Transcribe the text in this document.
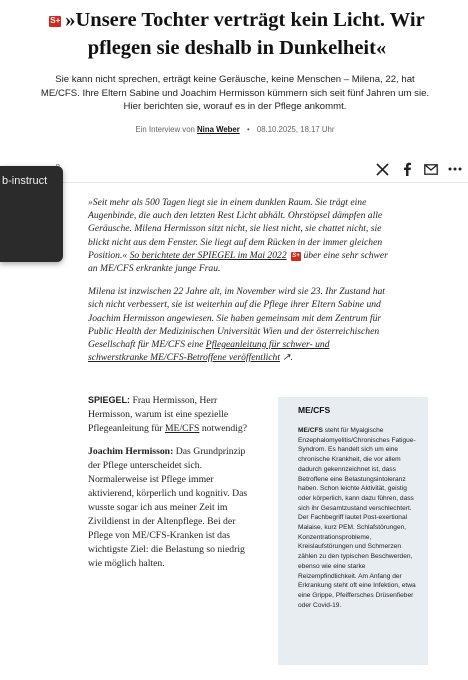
S+ »Unsere Tochter verträgt kein Licht. Wir pflegen sie deshalb in Dunkelheit«

Sie kann nicht sprechen, erträgt keine Geräusche, keine Menschen – Milena, 22, hat ME/CFS. Ihre Eltern Sabine und Joachim Hermisson kümmern sich seit fünf Jahren um sie. Hier berichten sie, worauf es in der Pflege ankommt.

Ein Interview von Nina Weber • 08.10.2025, 18.17 Uhr
b-instruct

»Seit mehr als 500 Tagen liegt sie in einem dunklen Raum. Sie trägt eine Augenbinde, die auch den letzten Rest Licht abhält. Ohrstöpsel dämpfen alle Geräusche. Milena Hermisson sitzt nicht, sie liest nicht, sie chattet nicht, sie blickt nicht aus dem Fenster. Sie liegt auf dem Rücken in der immer gleichen Position.« So berichtete der SPIEGEL im Mai 2022 S+ über eine sehr schwer an ME/CFS erkrankte junge Frau.

Milena ist inzwischen 22 Jahre alt, im November wird sie 23. Ihr Zustand hat sich nicht verbessert, sie ist weiterhin auf die Pflege ihrer Eltern Sabine und Joachim Hermisson angewiesen. Sie haben gemeinsam mit dem Zentrum für Public Health der Medizinischen Universität Wien und der österreichischen Gesellschaft für ME/CFS eine Pflegeanleitung für schwer- und schwerstkranke ME/CFS-Betroffene veröffentlicht ↗.

SPIEGEL: Frau Hermisson, Herr Hermisson, warum ist eine spezielle Pflegeanleitung für ME/CFS notwendig?

Joachim Hermisson: Das Grundprinzip der Pflege unterscheidet sich. Normalerweise ist Pflege immer aktivierend, körperlich und kognitiv. Das wusste sogar ich aus meiner Zeit im Zivildienst in der Altenpflege. Bei der Pflege von ME/CFS-Kranken ist das wichtigste Ziel: die Belastung so niedrig wie möglich halten.

ME/CFS

ME/CFS steht für Myalgische Enzephalomyelitis/Chronisches Fatigue-Syndrom. Es handelt sich um eine chronische Krankheit, die vor allem dadurch gekennzeichnet ist, dass Betroffene eine Belastungsintoleranz haben. Schon leichte Aktivität, geistig oder körperlich, kann dazu führen, dass sich ihr Gesamtzustand verschlechtert. Der Fachbegriff lautet Post-exertional Malaise, kurz PEM. Schlafstörungen, Konzentrationsprobleme, Kreislaufstörungen und Schmerzen zählen zu den typischen Beschwerden, ebenso wie eine starke Reizempfindlichkeit. Am Anfang der Erkrankung steht oft eine Infektion, etwa eine Grippe, Pfeiffersches Drüsenfieber oder Covid-19.
